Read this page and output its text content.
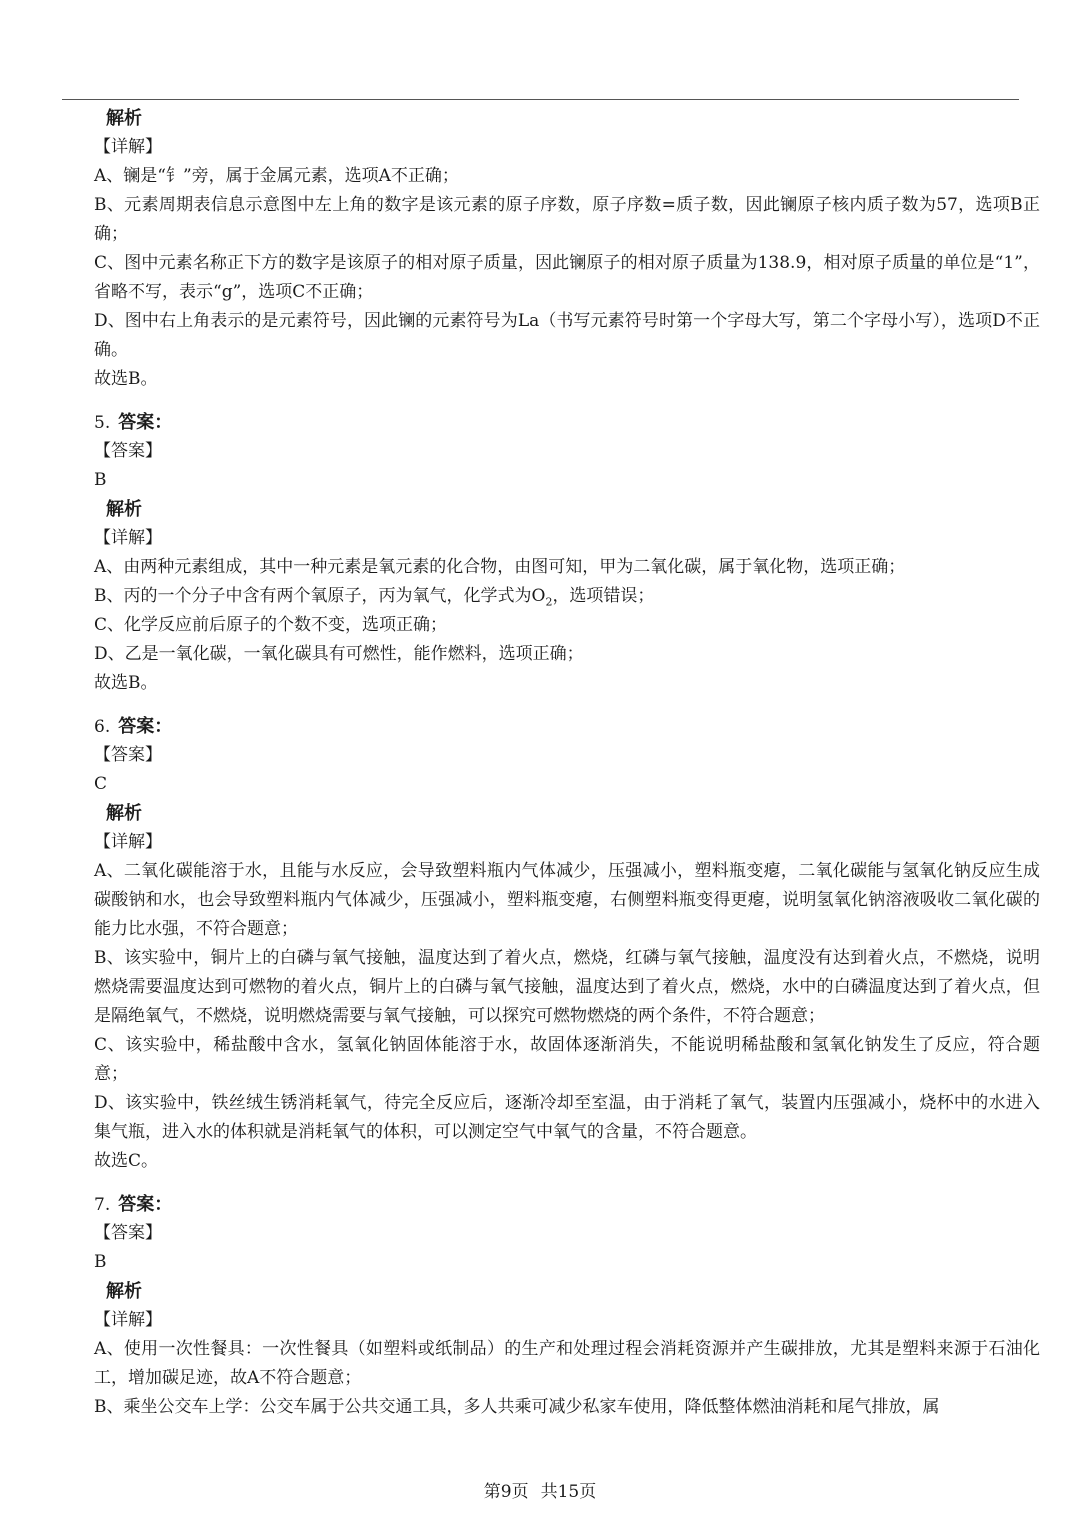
解析
【详解】
A、镧是“钅”旁，属于金属元素，选项A不正确；
B、元素周期表信息示意图中左上角的数字是该元素的原子序数，原子序数=质子数，因此镧原子核内质子数为57，选项B正确；
C、图中元素名称正下方的数字是该原子的相对原子质量，因此镧原子的相对原子质量为138.9，相对原子质量的单位是“1”，省略不写，表示“g”，选项C不正确；
D、图中右上角表示的是元素符号，因此镧的元素符号为La（书写元素符号时第一个字母大写，第二个字母小写），选项D不正确。
故选B。
5. 答案：
【答案】
B
解析
【详解】
A、由两种元素组成，其中一种元素是氧元素的化合物，由图可知，甲为二氧化碳，属于氧化物，选项正确；
B、丙的一个分子中含有两个氧原子，丙为氧气，化学式为$O_2$，选项错误；
C、化学反应前后原子的个数不变，选项正确；
D、乙是一氧化碳，一氧化碳具有可燃性，能作燃料，选项正确；
故选B。
6. 答案：
【答案】
C
解析
【详解】
A、二氧化碳能溶于水，且能与水反应，会导致塑料瓶内气体减少，压强减小，塑料瓶变瘪，二氧化碳能与氢氧化钠反应生成碳酸钠和水，也会导致塑料瓶内气体减少，压强减小，塑料瓶变瘪，右侧塑料瓶变得更瘪，说明氢氧化钠溶液吸收二氧化碳的能力比水强，不符合题意；
B、该实验中，铜片上的白磷与氧气接触，温度达到了着火点，燃烧，红磷与氧气接触，温度没有达到着火点，不燃烧，说明燃烧需要温度达到可燃物的着火点，铜片上的白磷与氧气接触，温度达到了着火点，燃烧，水中的白磷温度达到了着火点，但是隔绝氧气，不燃烧，说明燃烧需要与氧气接触，可以探究可燃物燃烧的两个条件，不符合题意；
C、该实验中，稀盐酸中含水，氢氧化钠固体能溶于水，故固体逐渐消失，不能说明稀盐酸和氢氧化钠发生了反应，符合题意；
D、该实验中，铁丝绒生锈消耗氧气，待完全反应后，逐渐冷却至室温，由于消耗了氧气，装置内压强减小，烧杯中的水进入集气瓶，进入水的体积就是消耗氧气的体积，可以测定空气中氧气的含量，不符合题意。
故选C。
7. 答案：
【答案】
B
解析
【详解】
A、使用一次性餐具：一次性餐具（如塑料或纸制品）的生产和处理过程会消耗资源并产生碳排放，尤其是塑料来源于石油化工，增加碳足迹，故A不符合题意；
B、乘坐公交车上学：公交车属于公共交通工具，多人共乘可减少私家车使用，降低整体燃油消耗和尾气排放，属
第9页 共15页
